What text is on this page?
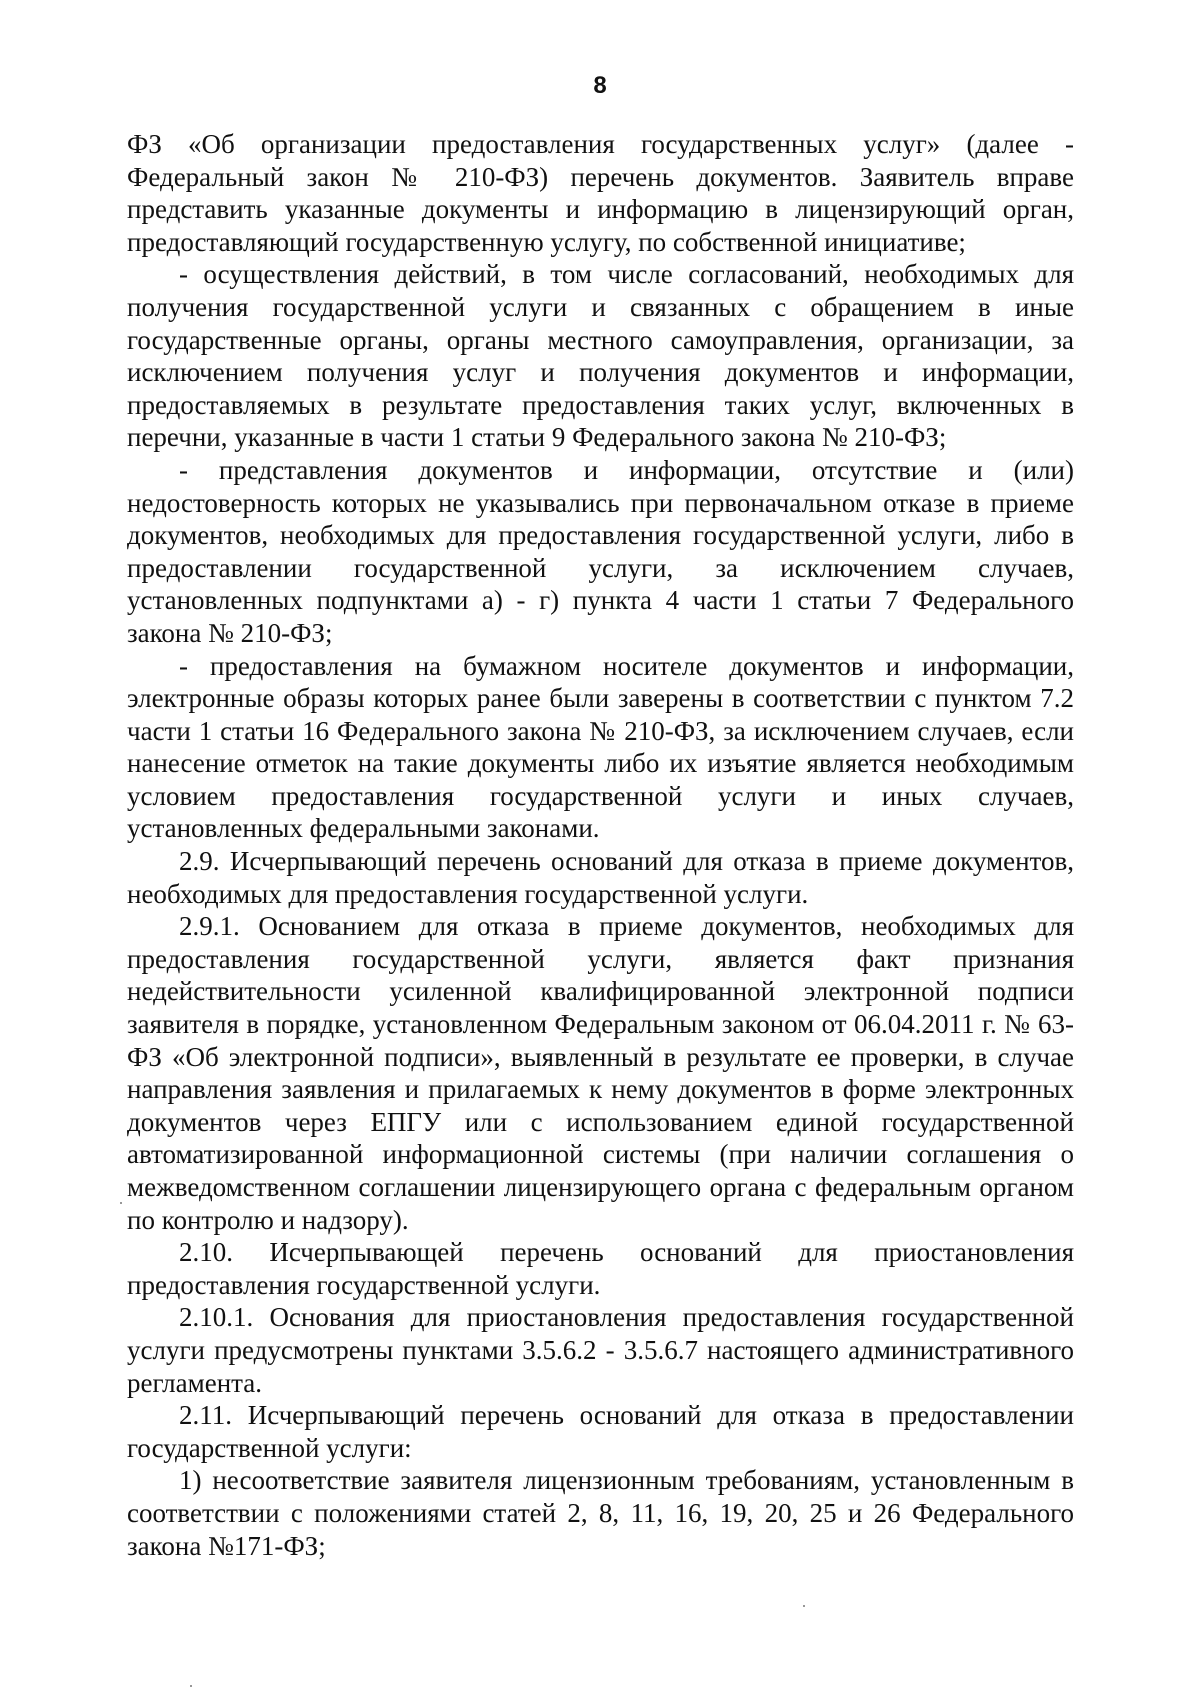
8

ФЗ «Об организации предоставления государственных услуг» (далее - Федеральный закон № 210-ФЗ) перечень документов. Заявитель вправе представить указанные документы и информацию в лицензирующий орган, предоставляющий государственную услугу, по собственной инициативе;

- осуществления действий, в том числе согласований, необходимых для получения государственной услуги и связанных с обращением в иные государственные органы, органы местного самоуправления, организации, за исключением получения услуг и получения документов и информации, предоставляемых в результате предоставления таких услуг, включенных в перечни, указанные в части 1 статьи 9 Федерального закона № 210-ФЗ;

- представления документов и информации, отсутствие и (или) недостоверность которых не указывались при первоначальном отказе в приеме документов, необходимых для предоставления государственной услуги, либо в предоставлении государственной услуги, за исключением случаев, установленных подпунктами а) - г) пункта 4 части 1 статьи 7 Федерального закона № 210-ФЗ;

- предоставления на бумажном носителе документов и информации, электронные образы которых ранее были заверены в соответствии с пунктом 7.2 части 1 статьи 16 Федерального закона № 210-ФЗ, за исключением случаев, если нанесение отметок на такие документы либо их изъятие является необходимым условием предоставления государственной услуги и иных случаев, установленных федеральными законами.

2.9. Исчерпывающий перечень оснований для отказа в приеме документов, необходимых для предоставления государственной услуги.

2.9.1. Основанием для отказа в приеме документов, необходимых для предоставления государственной услуги, является факт признания недействительности усиленной квалифицированной электронной подписи заявителя в порядке, установленном Федеральным законом от 06.04.2011 г. № 63-ФЗ «Об электронной подписи», выявленный в результате ее проверки, в случае направления заявления и прилагаемых к нему документов в форме электронных документов через ЕПГУ или с использованием единой государственной автоматизированной информационной системы (при наличии соглашения о межведомственном соглашении лицензирующего органа с федеральным органом по контролю и надзору).

2.10. Исчерпывающей перечень оснований для приостановления предоставления государственной услуги.

2.10.1. Основания для приостановления предоставления государственной услуги предусмотрены пунктами 3.5.6.2 - 3.5.6.7 настоящего административного регламента.

2.11. Исчерпывающий перечень оснований для отказа в предоставлении государственной услуги:

1) несоответствие заявителя лицензионным требованиям, установленным в соответствии с положениями статей 2, 8, 11, 16, 19, 20, 25 и 26 Федерального закона №171-ФЗ;
